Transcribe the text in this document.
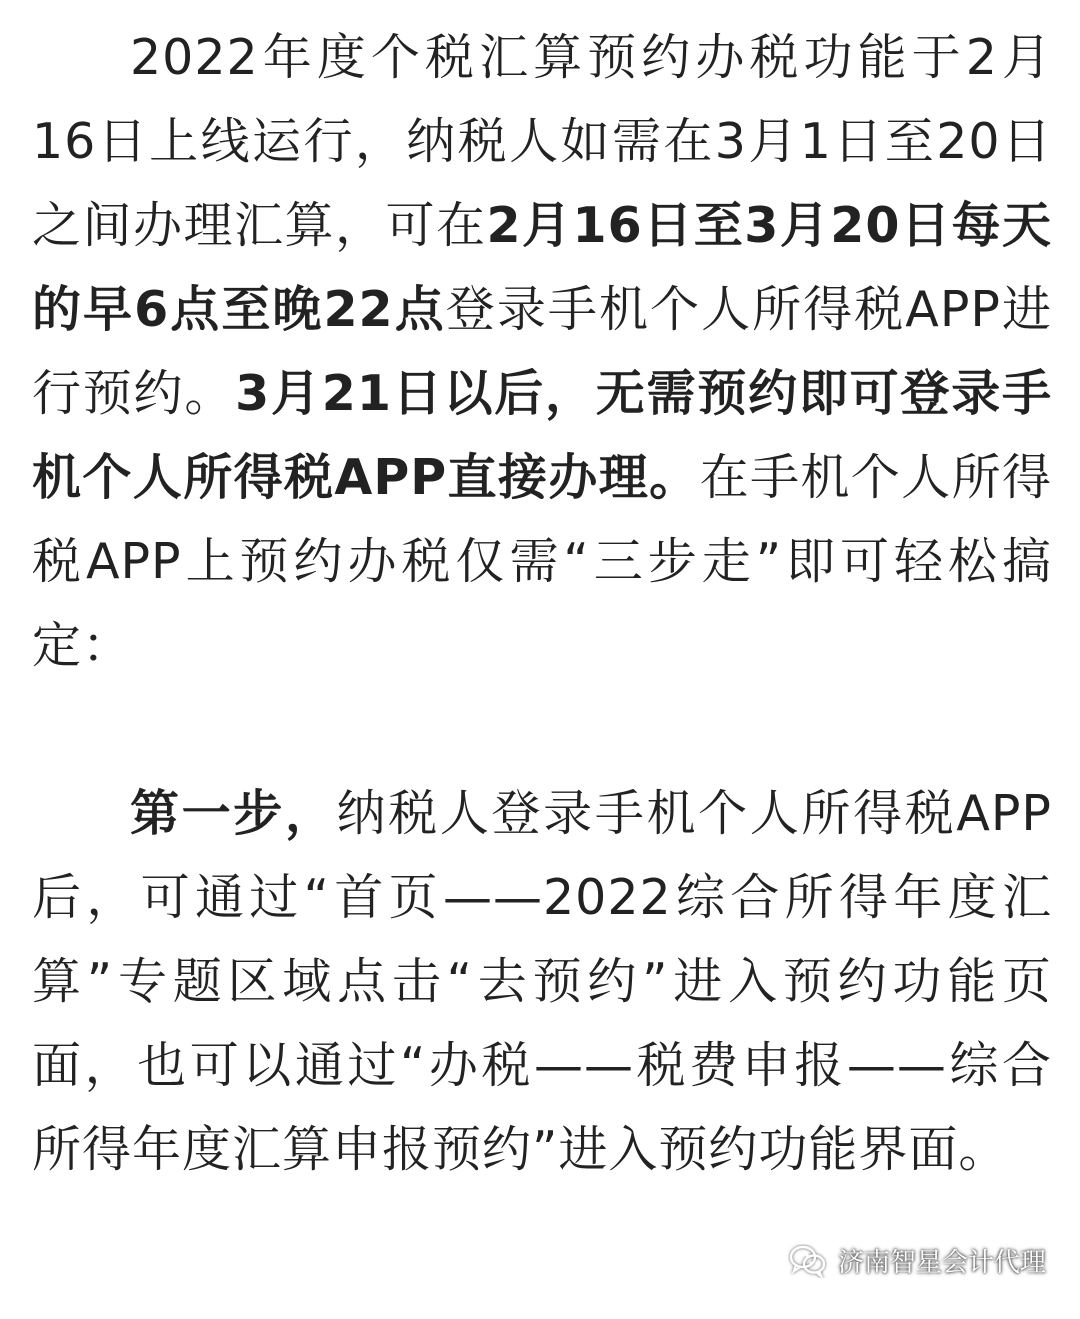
2022年度个税汇算预约办税功能于2月16日上线运行，纳税人如需在3月1日至20日之间办理汇算，可在2月16日至3月20日每天的早6点至晚22点登录手机个人所得税APP进行预约。3月21日以后，无需预约即可登录手机个人所得税APP直接办理。在手机个人所得税APP上预约办税仅需“三步走”即可轻松搞定：

第一步，纳税人登录手机个人所得税APP后，可通过“首页——2022综合所得年度汇算”专题区域点击“去预约”进入预约功能页面，也可以通过“办税——税费申报——综合所得年度汇算申报预约”进入预约功能界面。

济南智星会计代理
